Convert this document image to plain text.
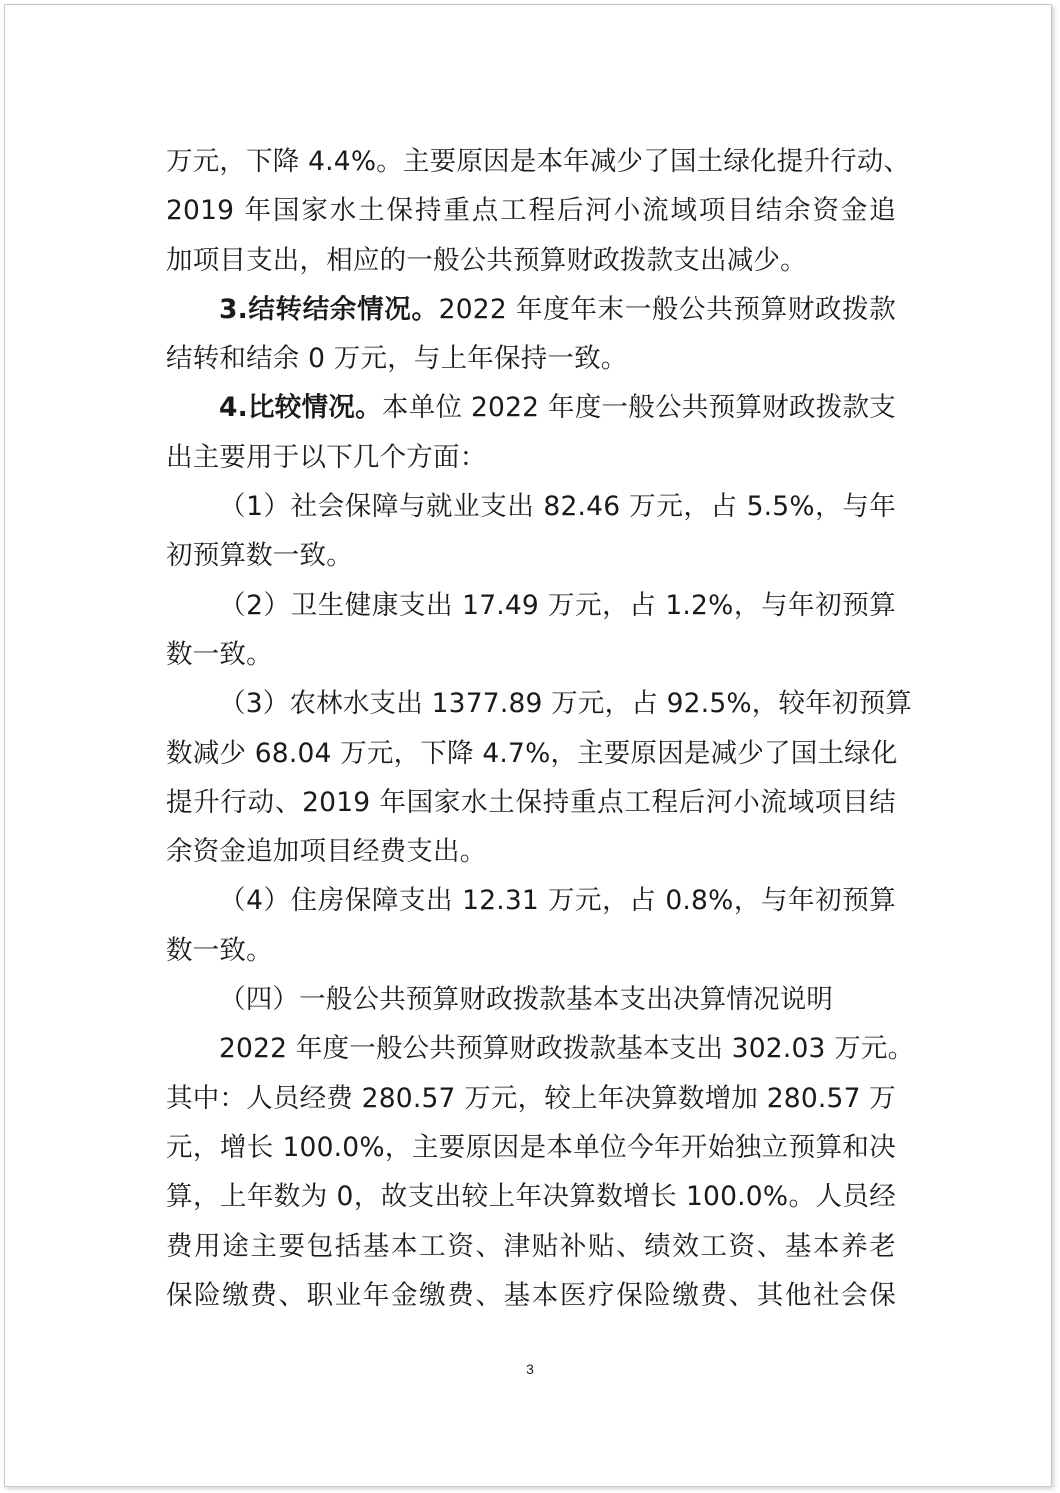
万元，下降 4.4%。主要原因是本年减少了国土绿化提升行动、
2019 年国家水土保持重点工程后河小流域项目结余资金追
加项目支出，相应的一般公共预算财政拨款支出减少。
3.结转结余情况。2022 年度年末一般公共预算财政拨款
结转和结余 0 万元，与上年保持一致。
4.比较情况。本单位 2022 年度一般公共预算财政拨款支
出主要用于以下几个方面：
（1）社会保障与就业支出 82.46 万元，占 5.5%，与年
初预算数一致。
（2）卫生健康支出 17.49 万元，占 1.2%，与年初预算
数一致。
（3）农林水支出 1377.89 万元，占 92.5%，较年初预算
数减少 68.04 万元，下降 4.7%，主要原因是减少了国土绿化
提升行动、2019 年国家水土保持重点工程后河小流域项目结
余资金追加项目经费支出。
（4）住房保障支出 12.31 万元，占 0.8%，与年初预算
数一致。
（四）一般公共预算财政拨款基本支出决算情况说明
2022 年度一般公共预算财政拨款基本支出 302.03 万元。
其中：人员经费 280.57 万元，较上年决算数增加 280.57 万
元，增长 100.0%，主要原因是本单位今年开始独立预算和决
算，上年数为 0，故支出较上年决算数增长 100.0%。人员经
费用途主要包括基本工资、津贴补贴、绩效工资、基本养老
保险缴费、职业年金缴费、基本医疗保险缴费、其他社会保
3
